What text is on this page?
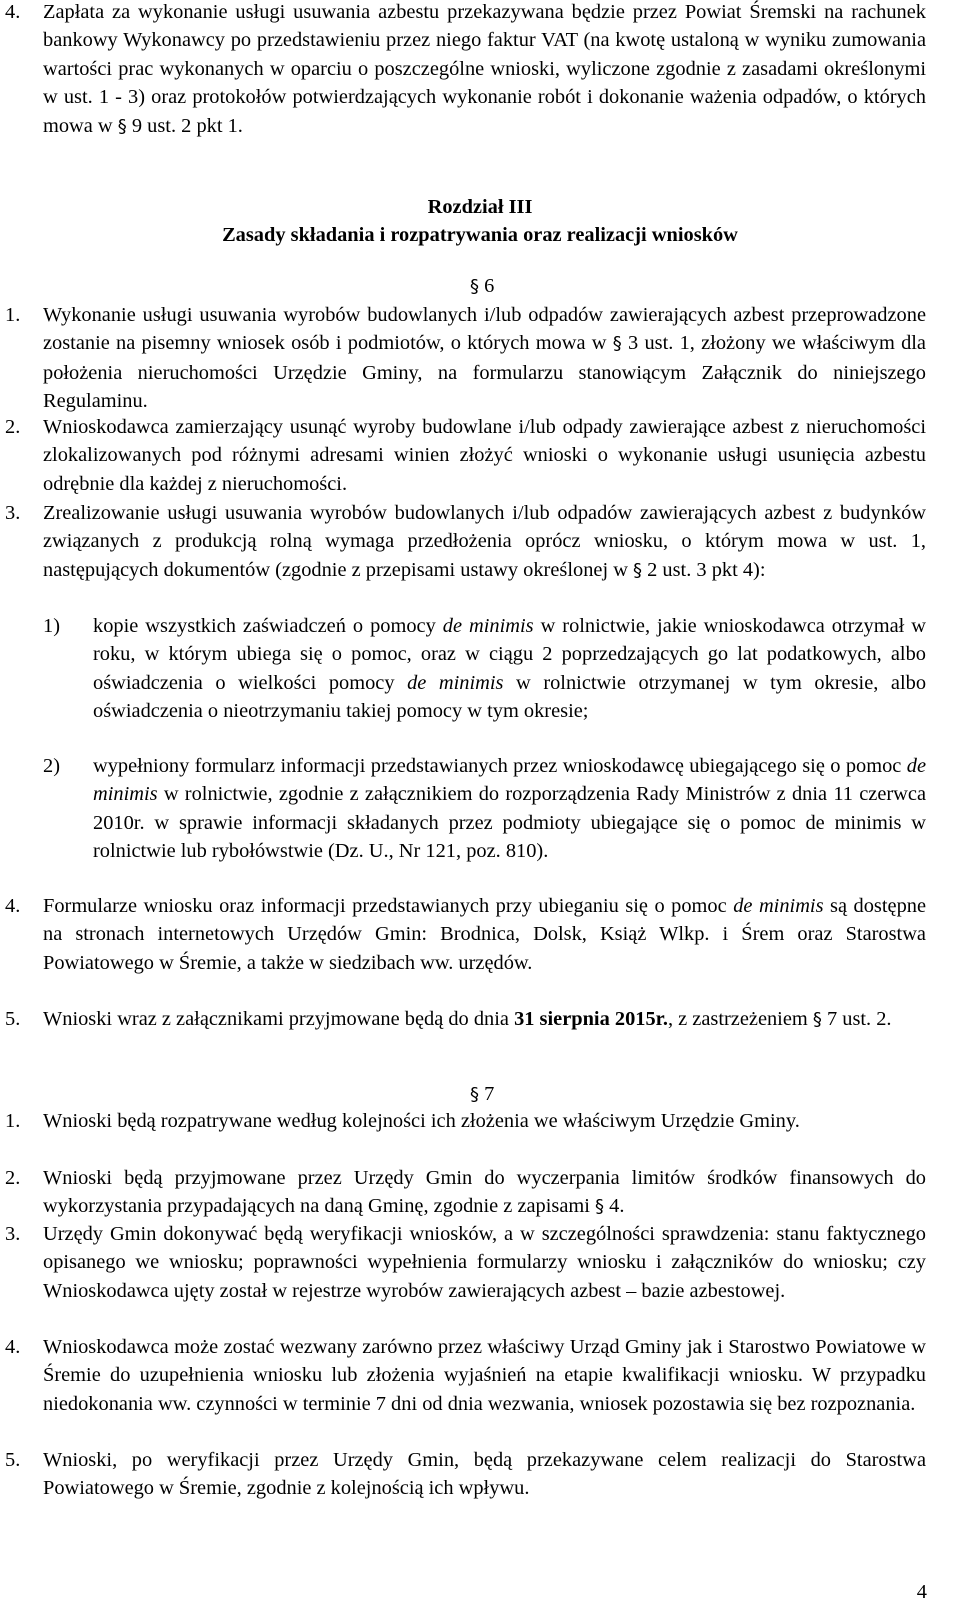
4. Zapłata za wykonanie usługi usuwania azbestu przekazywana będzie przez Powiat Śremski na rachunek bankowy Wykonawcy po przedstawieniu przez niego faktur VAT (na kwotę ustaloną w wyniku zumowania wartości prac wykonanych w oparciu o poszczególne wnioski, wyliczone zgodnie z zasadami określonymi w ust. 1 - 3) oraz protokołów potwierdzających wykonanie robót i dokonanie ważenia odpadów, o których mowa w § 9 ust. 2 pkt 1.
Rozdział III
Zasady składania i rozpatrywania oraz realizacji wniosków
§ 6
1. Wykonanie usługi usuwania wyrobów budowlanych i/lub odpadów zawierających azbest przeprowadzone zostanie na pisemny wniosek osób i podmiotów, o których mowa w § 3 ust. 1, złożony we właściwym dla położenia nieruchomości Urzędzie Gminy, na formularzu stanowiącym Załącznik do niniejszego Regulaminu.
2. Wnioskodawca zamierzający usunąć wyroby budowlane i/lub odpady zawierające azbest z nieruchomości zlokalizowanych pod różnymi adresami winien złożyć wnioski o wykonanie usługi usunięcia azbestu odrębnie dla każdej z nieruchomości.
3. Zrealizowanie usługi usuwania wyrobów budowlanych i/lub odpadów zawierających azbest z budynków związanych z produkcją rolną wymaga przedłożenia oprócz wniosku, o którym mowa w ust. 1, następujących dokumentów (zgodnie z przepisami ustawy określonej w § 2 ust. 3 pkt 4):
1) kopie wszystkich zaświadczeń o pomocy de minimis w rolnictwie, jakie wnioskodawca otrzymał w roku, w którym ubiega się o pomoc, oraz w ciągu 2 poprzedzających go lat podatkowych, albo oświadczenia o wielkości pomocy de minimis w rolnictwie otrzymanej w tym okresie, albo oświadczenia o nieotrzymaniu takiej pomocy w tym okresie;
2) wypełniony formularz informacji przedstawianych przez wnioskodawcę ubiegającego się o pomoc de minimis w rolnictwie, zgodnie z załącznikiem do rozporządzenia Rady Ministrów z dnia 11 czerwca 2010r. w sprawie informacji składanych przez podmioty ubiegające się o pomoc de minimis w rolnictwie lub rybołówstwie (Dz. U., Nr 121, poz. 810).
4. Formularze wniosku oraz informacji przedstawianych przy ubieganiu się o pomoc de minimis są dostępne na stronach internetowych Urzędów Gmin: Brodnica, Dolsk, Książ Wlkp. i Śrem oraz Starostwa Powiatowego w Śremie, a także w siedzibach ww. urzędów.
5. Wnioski wraz z załącznikami przyjmowane będą do dnia 31 sierpnia 2015r., z zastrzeżeniem § 7 ust. 2.
§ 7
1. Wnioski będą rozpatrywane według kolejności ich złożenia we właściwym Urzędzie Gminy.
2. Wnioski będą przyjmowane przez Urzędy Gmin do wyczerpania limitów środków finansowych do wykorzystania przypadających na daną Gminę, zgodnie z zapisami § 4.
3. Urzędy Gmin dokonywać będą weryfikacji wniosków, a w szczególności sprawdzenia: stanu faktycznego opisanego we wniosku; poprawności wypełnienia formularzy wniosku i załączników do wniosku; czy Wnioskodawca ujęty został w rejestrze wyrobów zawierających azbest – bazie azbestowej.
4. Wnioskodawca może zostać wezwany zarówno przez właściwy Urząd Gminy jak i Starostwo Powiatowe w Śremie do uzupełnienia wniosku lub złożenia wyjaśnień na etapie kwalifikacji wniosku. W przypadku niedokonania ww. czynności w terminie 7 dni od dnia wezwania, wniosek pozostawia się bez rozpoznania.
5. Wnioski, po weryfikacji przez Urzędy Gmin, będą przekazywane celem realizacji do Starostwa Powiatowego w Śremie, zgodnie z kolejnością ich wpływu.
4
